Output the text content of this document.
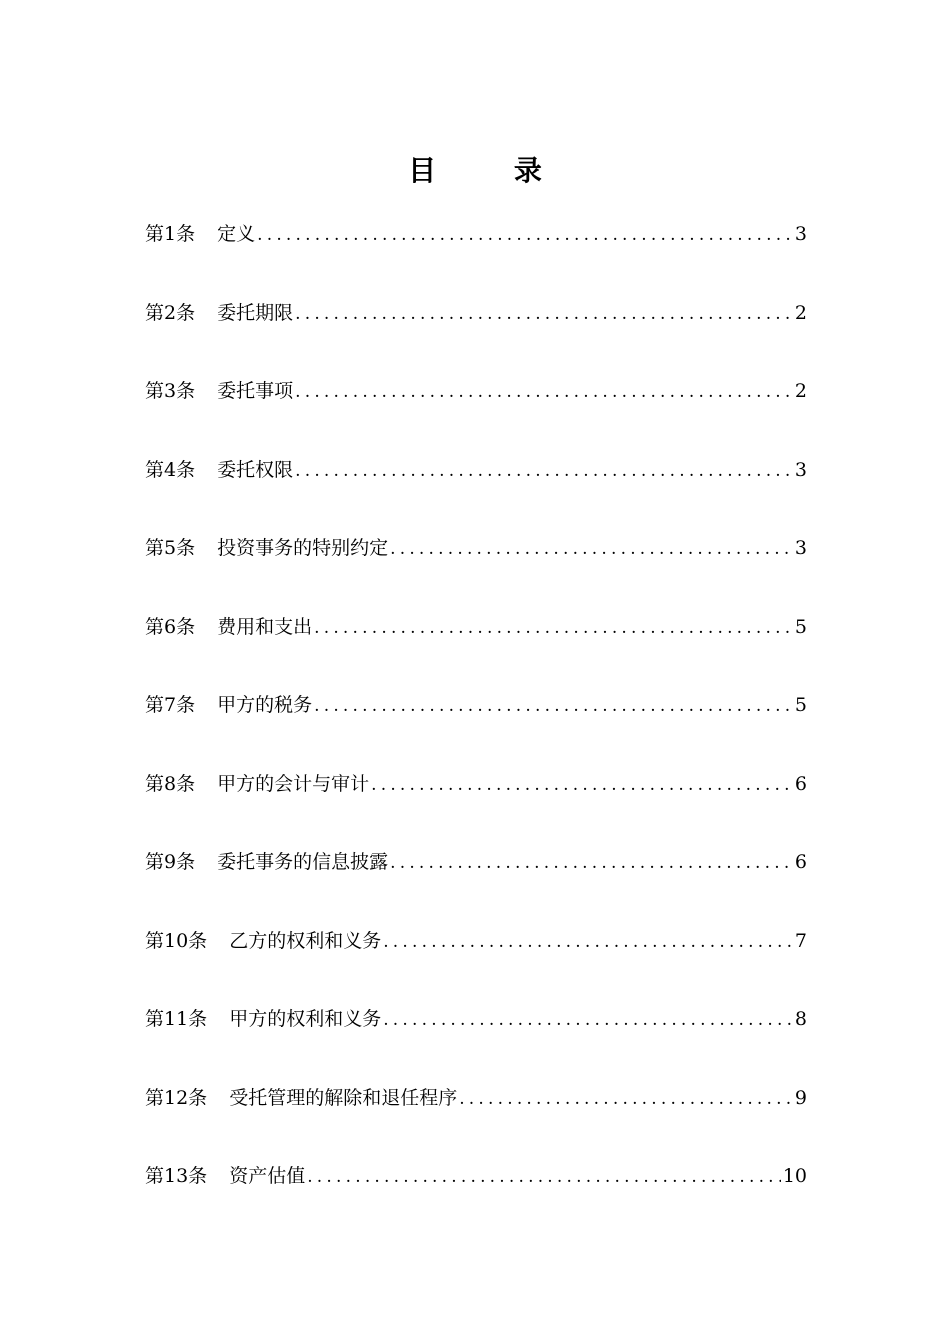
目 录
第1条	定义 .....	3
第2条	委托期限 .....	2
第3条	委托事项 .....	2
第4条	委托权限 .....	3
第5条	投资事务的特别约定 .....	3
第6条	费用和支出 .....	5
第7条	甲方的税务 .....	5
第8条	甲方的会计与审计 .....	6
第9条	委托事务的信息披露 .....	6
第10条	乙方的权利和义务 .....	7
第11条	甲方的权利和义务 .....	8
第12条	受托管理的解除和退任程序 .....	9
第13条	资产估值 .....	10
